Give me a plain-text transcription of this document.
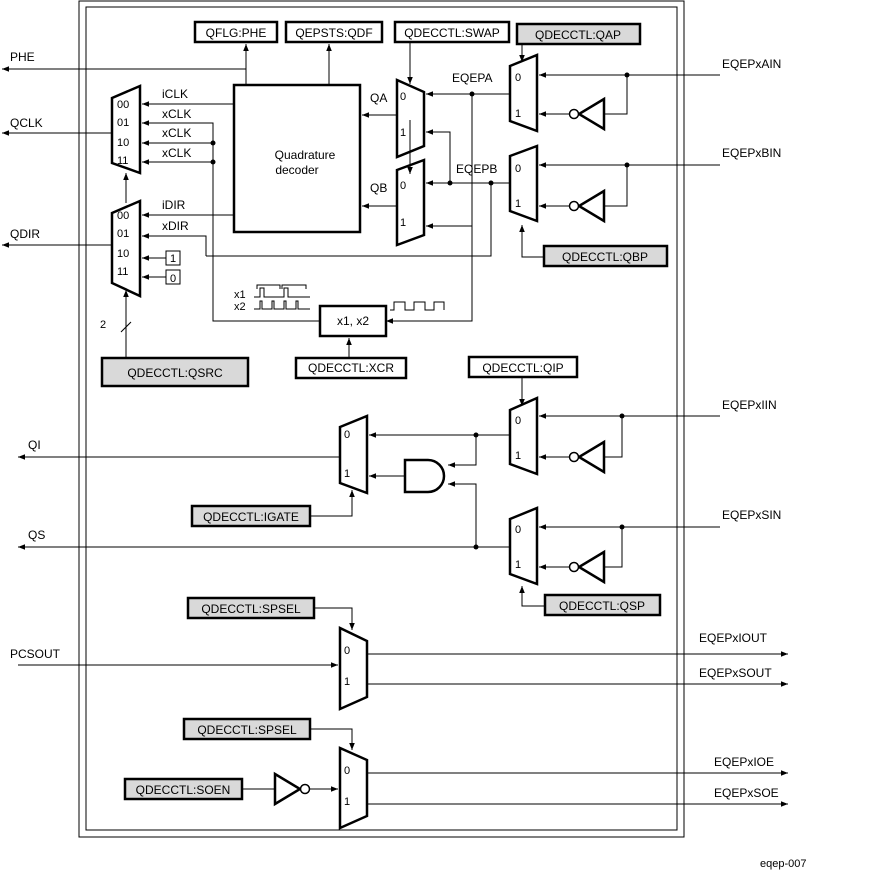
QFLG:PHE QEPSTS:QDF	QDECCTL:SWAP	QDECCTL:QAP
PHE
Quadrature
decoder
00
01
10
11
QCLK
iCLK
xCLK
xCLK
xCLK
00
01
10
11
QDIR
iDIR
xDIR
1
0
2
QDECCTL:QSRC
0
1
0
1
QA
QB
EQEPA
EQEPB
0
1
EQEPxAIN
0
1
EQEPxBIN
QDECCTL:QBP
x1, x2
x1
x2
QDECCTL:XCR	QDECCTL:QIP
0
1
EQEPxIIN
0
1
QI
QDECCTL:IGATE
0
1
EQEPxSIN
QS
QDECCTL:QSP
QDECCTL:SPSEL
0
1
PCSOUT
EQEPxIOUT
EQEPxSOUT
QDECCTL:SPSEL
0
1
QDECCTL:SOEN
EQEPxIOE
EQEPxSOE
eqep-007
